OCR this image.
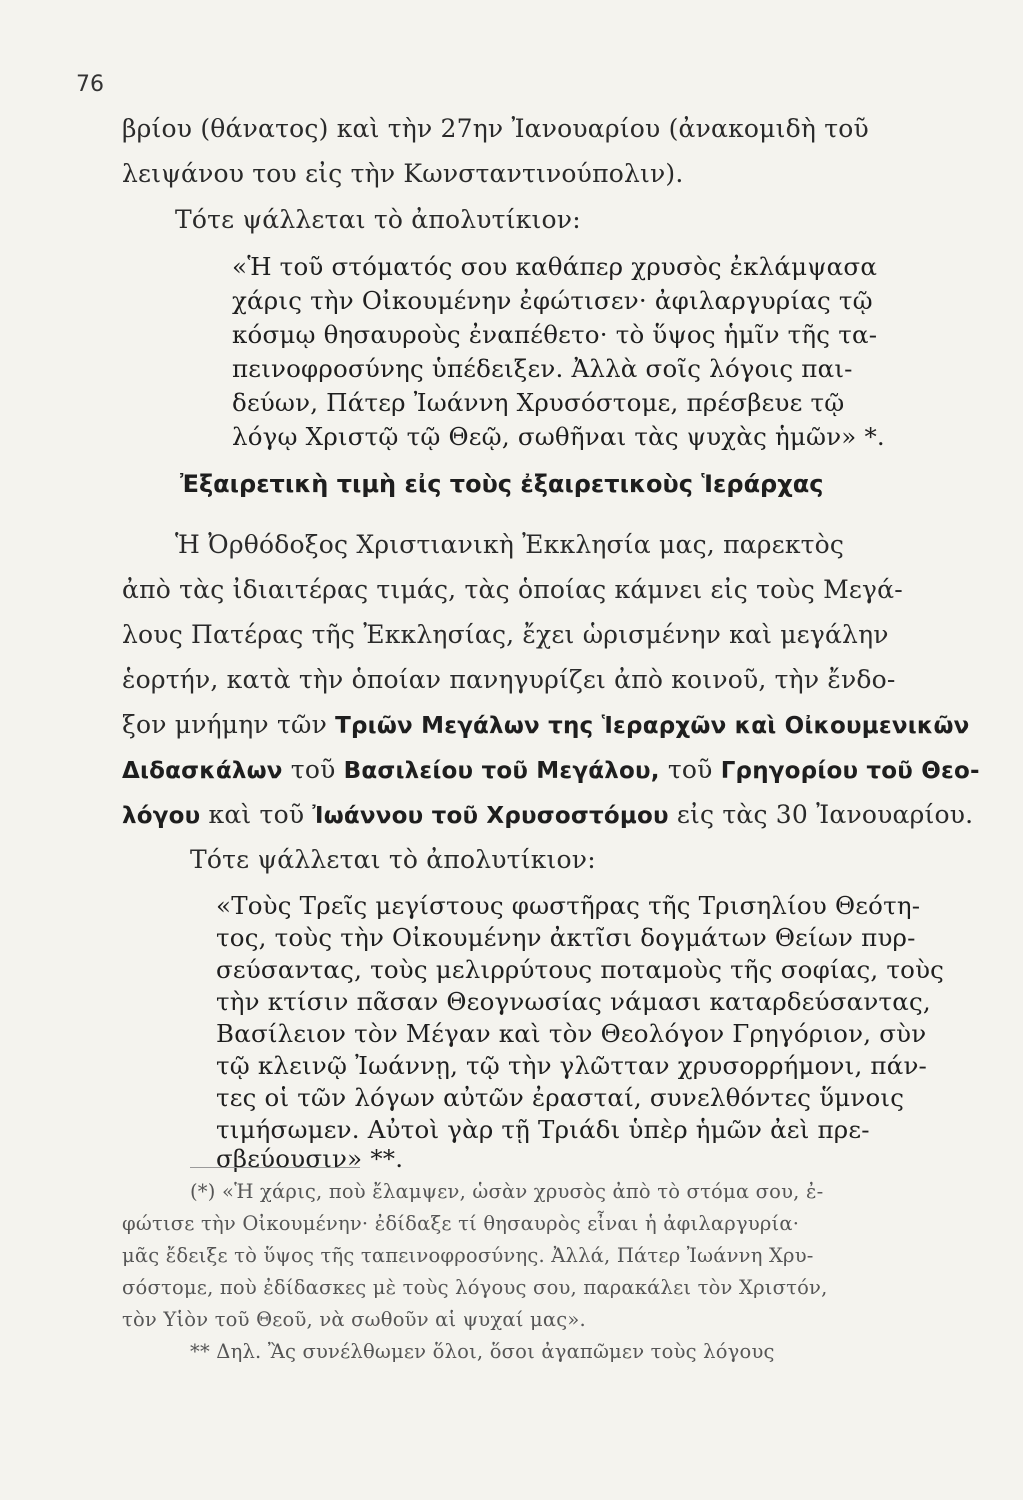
76
βρίου (θάνατος) καὶ τὴν 27ην Ἰανουαρίου (ἀνακομιδὴ τοῦ
λειψάνου του εἰς τὴν Κωνσταντινούπολιν).
Τότε ψάλλεται τὸ ἀπολυτίκιον:
«Ἡ τοῦ στόματός σου καθάπερ χρυσὸς ἐκλάμψασα
χάρις τὴν Οἰκουμένην ἐφώτισεν· ἀφιλαργυρίας τῷ
κόσμῳ θησαυροὺς ἐναπέθετο· τὸ ὕψος ἡμῖν τῆς τα-
πεινοφροσύνης ὑπέδειξεν. Ἀλλὰ σοῖς λόγοις παι-
δεύων, Πάτερ Ἰωάννη Χρυσόστομε, πρέσβευε τῷ
λόγῳ Χριστῷ τῷ Θεῷ, σωθῆναι τὰς ψυχὰς ἡμῶν» *.
Ἐξαιρετικὴ τιμὴ εἰς τοὺς ἐξαιρετικοὺς Ἱεράρχας
Ἡ Ὀρθόδοξος Χριστιανικὴ Ἐκκλησία μας, παρεκτὸς
ἀπὸ τὰς ἰδιαιτέρας τιμάς, τὰς ὁποίας κάμνει εἰς τοὺς Μεγά-
λους Πατέρας τῆς Ἐκκλησίας, ἔχει ὡρισμένην καὶ μεγάλην
ἑορτήν, κατὰ τὴν ὁποίαν πανηγυρίζει ἀπὸ κοινοῦ, τὴν ἔνδο-
ξον μνήμην τῶν Τριῶν Μεγάλων της Ἱεραρχῶν καὶ Οἰκουμενικῶν
Διδασκάλων τοῦ Βασιλείου τοῦ Μεγάλου, τοῦ Γρηγορίου τοῦ Θεο-
λόγου καὶ τοῦ Ἰωάννου τοῦ Χρυσοστόμου εἰς τὰς 30 Ἰανουαρίου.
Τότε ψάλλεται τὸ ἀπολυτίκιον:
«Τοὺς Τρεῖς μεγίστους φωστῆρας τῆς Τρισηλίου Θεότη-
τος, τοὺς τὴν Οἰκουμένην ἀκτῖσι δογμάτων Θείων πυρ-
σεύσαντας, τοὺς μελιρρύτους ποταμοὺς τῆς σοφίας, τοὺς
τὴν κτίσιν πᾶσαν Θεογνωσίας νάμασι καταρδεύσαντας,
Βασίλειον τὸν Μέγαν καὶ τὸν Θεολόγον Γρηγόριον, σὺν
τῷ κλεινῷ Ἰωάννῃ, τῷ τὴν γλῶτταν χρυσορρήμονι, πάν-
τες οἱ τῶν λόγων αὐτῶν ἐρασταί, συνελθόντες ὕμνοις
τιμήσωμεν. Αὐτοὶ γὰρ τῇ Τριάδι ὑπὲρ ἡμῶν ἀεὶ πρε-
σβεύουσιν» **.
(*) «Ἡ χάρις, ποὺ ἔλαμψεν, ὡσὰν χρυσὸς ἀπὸ τὸ στόμα σου, ἐ-
φώτισε τὴν Οἰκουμένην· ἐδίδαξε τί θησαυρὸς εἶναι ἡ ἀφιλαργυρία·
μᾶς ἔδειξε τὸ ὕψος τῆς ταπεινοφροσύνης. Ἀλλά, Πάτερ Ἰωάννη Χρυ-
σόστομε, ποὺ ἐδίδασκες μὲ τοὺς λόγους σου, παρακάλει τὸν Χριστόν,
τὸν Υἱὸν τοῦ Θεοῦ, νὰ σωθοῦν αἱ ψυχαί μας».
** Δηλ. Ἂς συνέλθωμεν ὅλοι, ὅσοι ἀγαπῶμεν τοὺς λόγους
